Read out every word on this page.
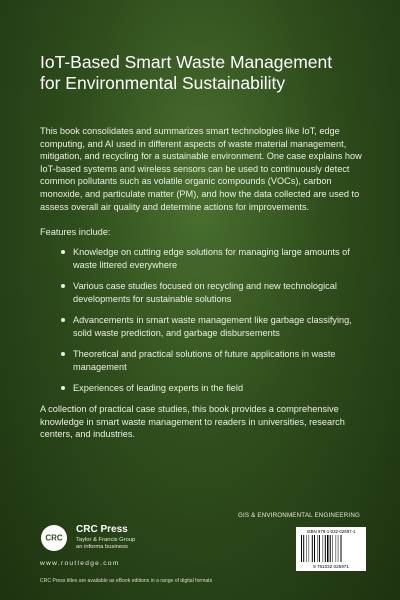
IoT-Based Smart Waste Management
for Environmental Sustainability

This book consolidates and summarizes smart technologies like IoT, edge computing, and AI used in different aspects of waste material management, mitigation, and recycling for a sustainable environment. One case explains how IoT-based systems and wireless sensors can be used to continuously detect common pollutants such as volatile organic compounds (VOCs), carbon monoxide, and particulate matter (PM), and how the data collected are used to assess overall air quality and determine actions for improvements.

Features include:
Knowledge on cutting edge solutions for managing large amounts of waste littered everywhere
Various case studies focused on recycling and new technological developments for sustainable solutions
Advancements in smart waste management like garbage classifying, solid waste prediction, and garbage disbursements
Theoretical and practical solutions of future applications in waste management
Experiences of leading experts in the field

A collection of practical case studies, this book provides a comprehensive knowledge in smart waste management to readers in universities, research centers, and industries.

GIS & ENVIRONMENTAL ENGINEERING
ISBN 978-1-032-02597-1
9 781032 025971
CRC
CRC Press
Taylor & Francis Group
an informa business
www.routledge.com
CRC Press titles are available as eBook editions in a range of digital formats
